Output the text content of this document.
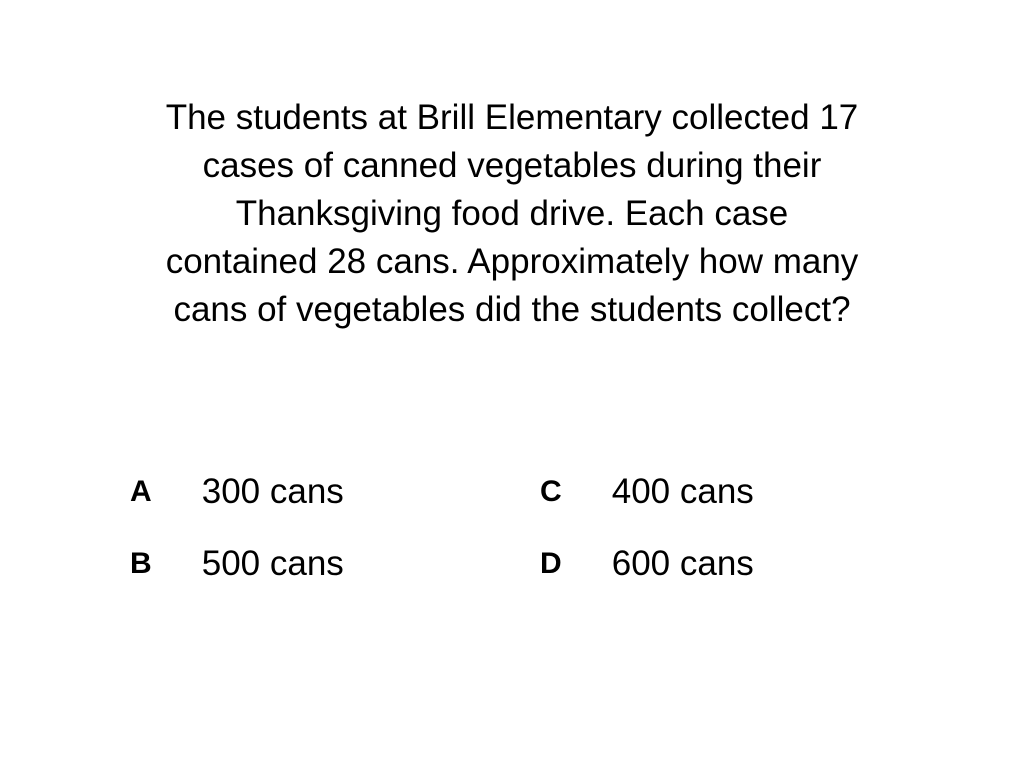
The students at Brill Elementary collected 17
cases of canned vegetables during their
Thanksgiving food drive. Each case
contained 28 cans. Approximately how many
cans of vegetables did the students collect?
A 300 cans
B 500 cans
C 400 cans
D 600 cans
